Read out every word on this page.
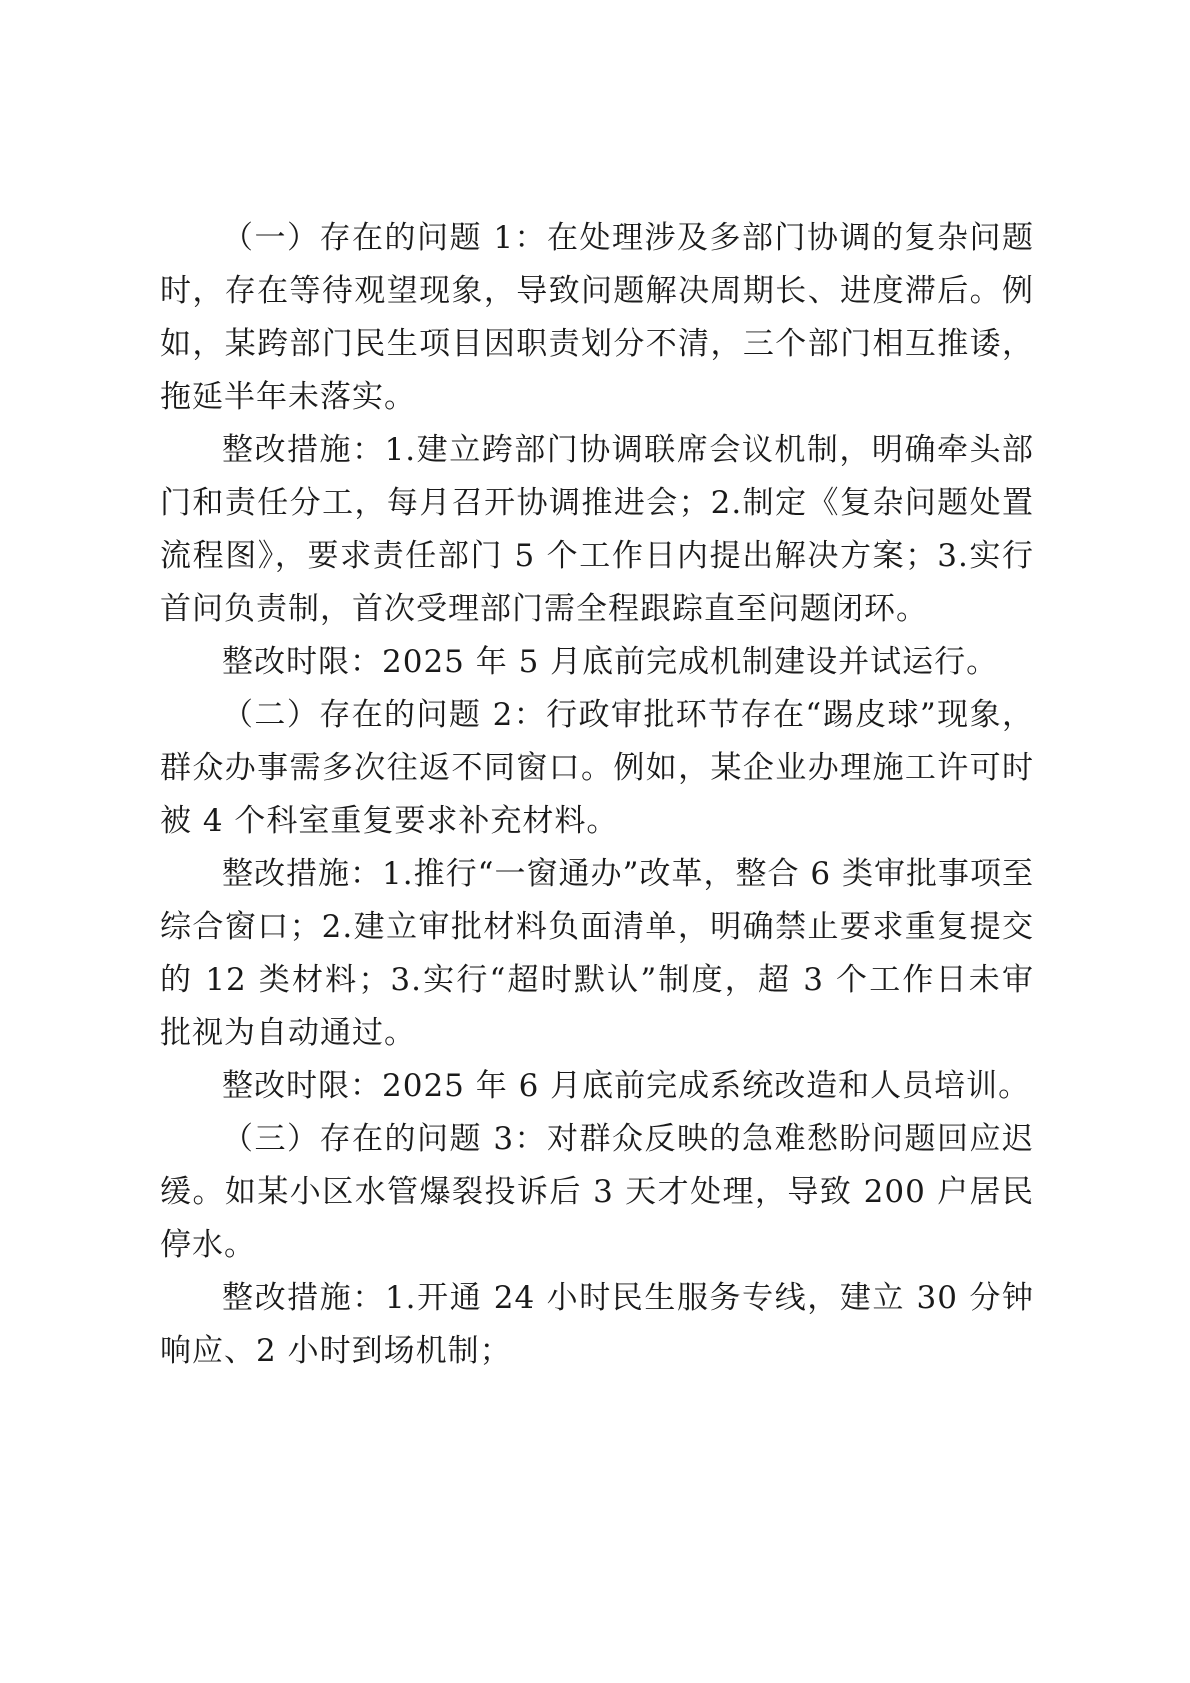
（一）存在的问题 1：在处理涉及多部门协调的复杂问题时，存在等待观望现象，导致问题解决周期长、进度滞后。例如，某跨部门民生项目因职责划分不清，三个部门相互推诿，拖延半年未落实。

整改措施：1.建立跨部门协调联席会议机制，明确牵头部门和责任分工，每月召开协调推进会；2.制定《复杂问题处置流程图》，要求责任部门 5 个工作日内提出解决方案；3.实行首问负责制，首次受理部门需全程跟踪直至问题闭环。

整改时限：2025 年 5 月底前完成机制建设并试运行。

（二）存在的问题 2：行政审批环节存在“踢皮球”现象，群众办事需多次往返不同窗口。例如，某企业办理施工许可时被 4 个科室重复要求补充材料。

整改措施：1.推行“一窗通办”改革，整合 6 类审批事项至综合窗口；2.建立审批材料负面清单，明确禁止要求重复提交的 12 类材料；3.实行“超时默认”制度，超 3 个工作日未审批视为自动通过。

整改时限：2025 年 6 月底前完成系统改造和人员培训。

（三）存在的问题 3：对群众反映的急难愁盼问题回应迟缓。如某小区水管爆裂投诉后 3 天才处理，导致 200 户居民停水。

整改措施：1.开通 24 小时民生服务专线，建立 30 分钟响应、2 小时到场机制；
